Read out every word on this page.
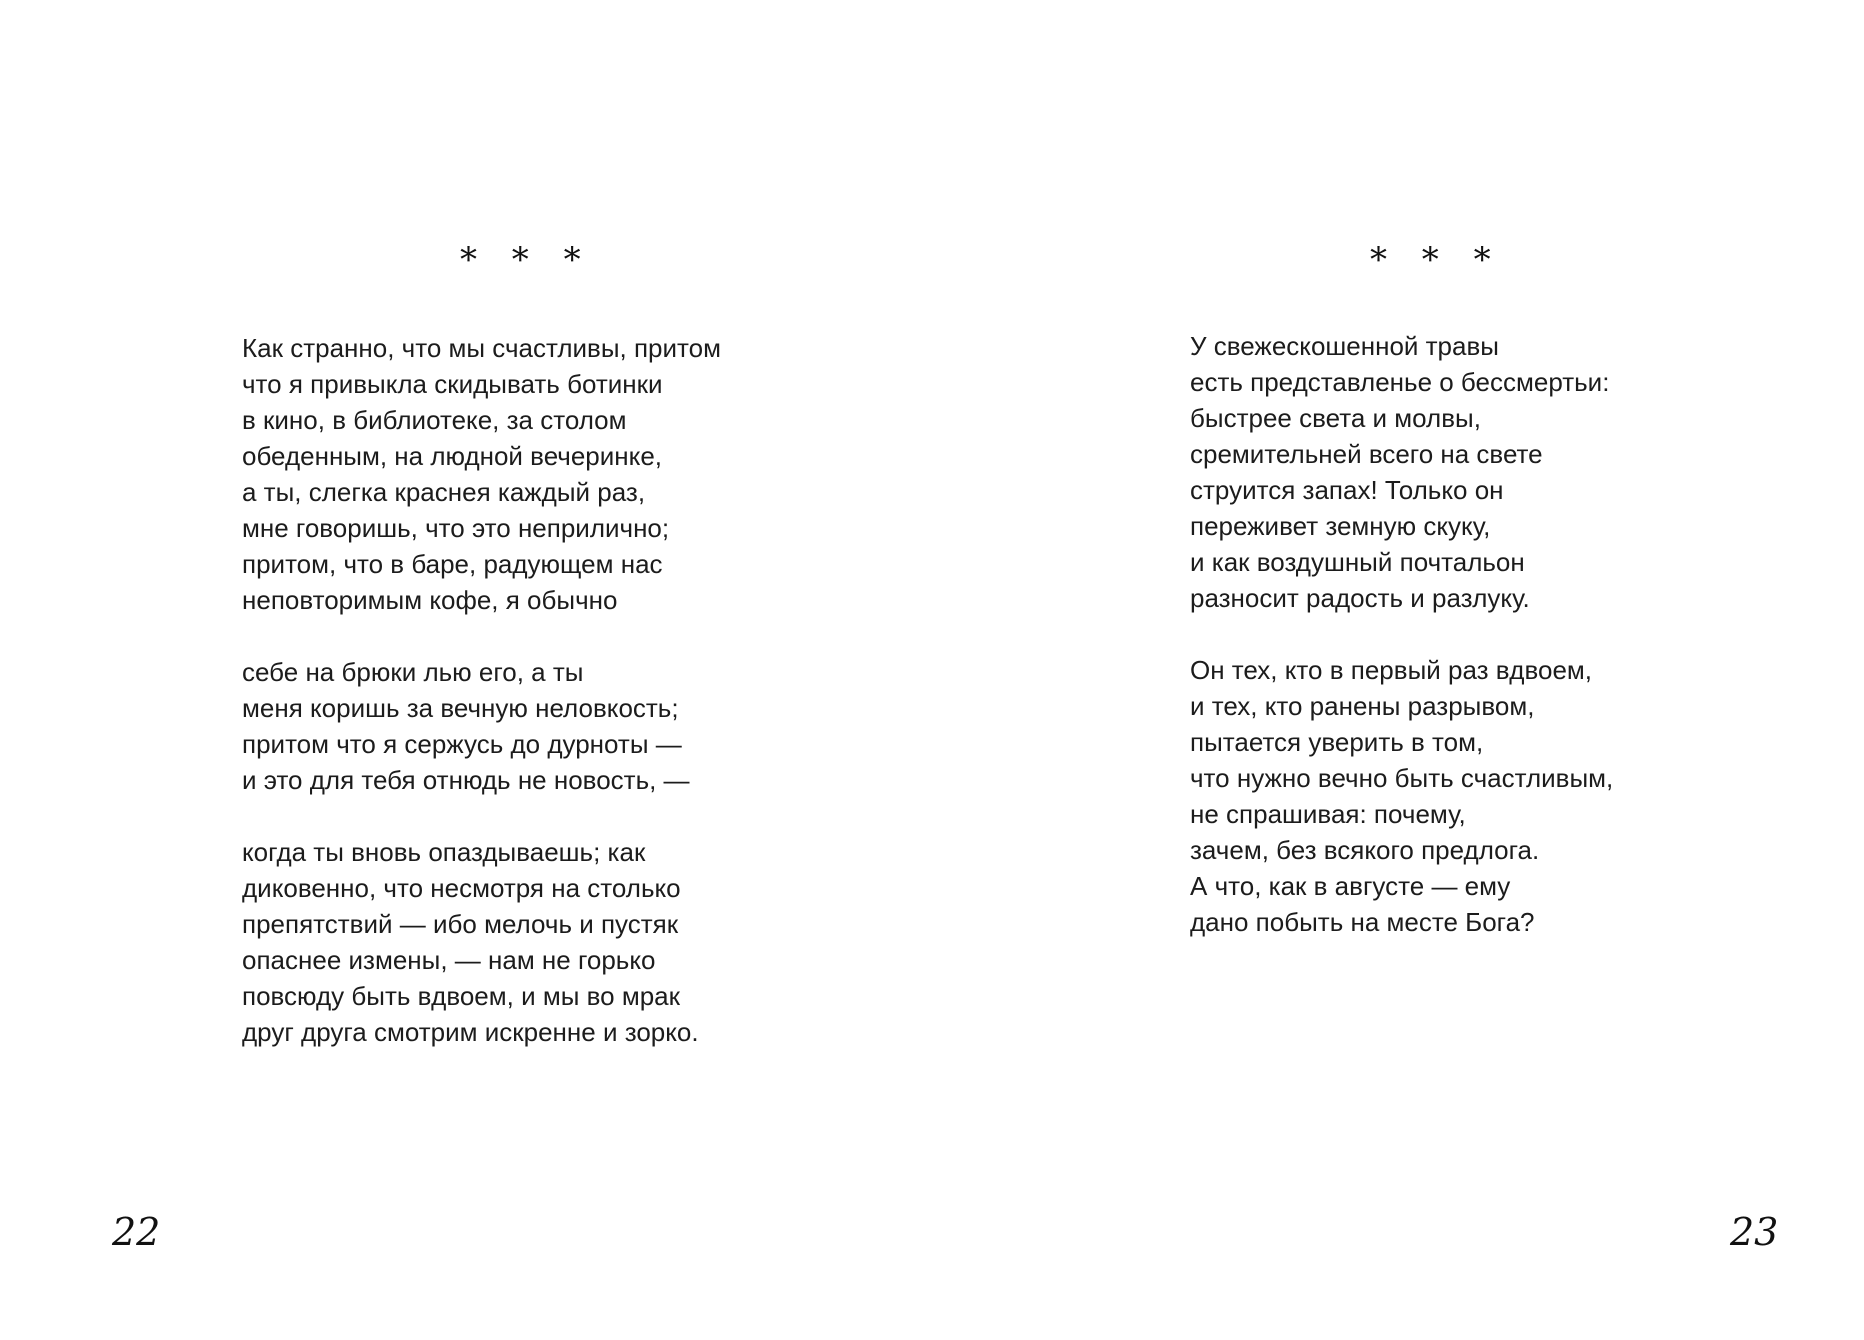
* * *
Как странно, что мы счастливы, притом
что я привыкла скидывать ботинки
в кино, в библиотеке, за столом
обеденным, на людной вечеринке,
а ты, слегка краснея каждый раз,
мне говоришь, что это неприлично;
притом, что в баре, радующем нас
неповторимым кофе, я обычно
себе на брюки лью его, а ты
меня коришь за вечную неловкость;
притом что я сержусь до дурноты —
и это для тебя отнюдь не новость, —
когда ты вновь опаздываешь; как
диковенно, что несмотря на столько
препятствий — ибо мелочь и пустяк
опаснее измены, — нам не горько
повсюду быть вдвоем, и мы во мрак
друг друга смотрим искренне и зорко.
22
* * *
У свежескошенной травы
есть представленье о бессмертьи:
быстрее света и молвы,
сремительней всего на свете
струится запах! Только он
переживет земную скуку,
и как воздушный почтальон
разносит радость и разлуку.
Он тех, кто в первый раз вдвоем,
и тех, кто ранены разрывом,
пытается уверить в том,
что нужно вечно быть счастливым,
не спрашивая: почему,
зачем, без всякого предлога.
А что, как в августе — ему
дано побыть на месте Бога?
23
